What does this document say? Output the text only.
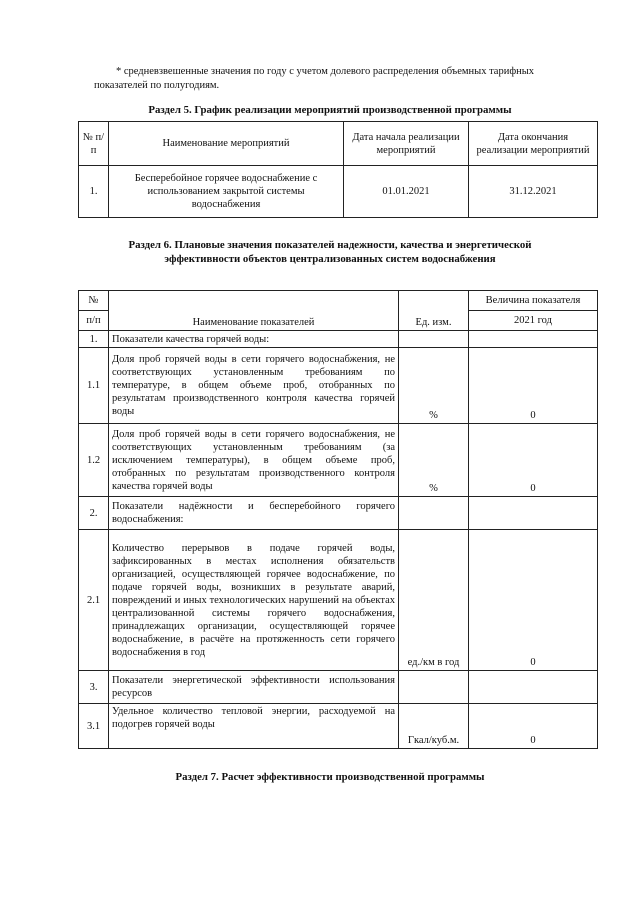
* средневзвешенные значения по году с учетом долевого распределения объемных тарифных
показателей по полугодиям.
Раздел 5. График реализации мероприятий производственной программы
№ п/п	Наименование мероприятий	Дата начала реализации мероприятий	Дата окончания реализации мероприятий
1.	Бесперебойное горячее водоснабжение с использованием закрытой системы водоснабжения	01.01.2021	31.12.2021
Раздел 6. Плановые значения показателей надежности, качества и энергетической
эффективности объектов централизованных систем водоснабжения
№	Наименование показателей	Ед. изм.	Величина показателя
п/п			2021 год
1.	Показатели качества горячей воды:		
1.1	Доля проб горячей воды в сети горячего водоснабжения, не соответствующих установленным требованиям по температуре, в общем объеме проб, отобранных по результатам производственного контроля качества горячей воды	%	0
1.2	Доля проб горячей воды в сети горячего водоснабжения, не соответствующих установленным требованиям (за исключением температуры), в общем объеме проб, отобранных по результатам производственного контроля качества горячей воды	%	0
2.	Показатели надёжности и бесперебойного горячего водоснабжения:		
2.1	Количество перерывов в подаче горячей воды, зафиксированных в местах исполнения обязательств организацией, осуществляющей горячее водоснабжение, по подаче горячей воды, возникших в результате аварий, повреждений и иных технологических нарушений на объектах централизованной системы горячего водоснабжения, принадлежащих организации, осуществляющей горячее водоснабжение, в расчёте на протяженность сети горячего водоснабжения в год	ед./км в год	0
3.	Показатели энергетической эффективности использования ресурсов		
3.1	Удельное количество тепловой энергии, расходуемой на подогрев горячей воды	Гкал/куб.м.	0
Раздел 7. Расчет эффективности производственной программы
